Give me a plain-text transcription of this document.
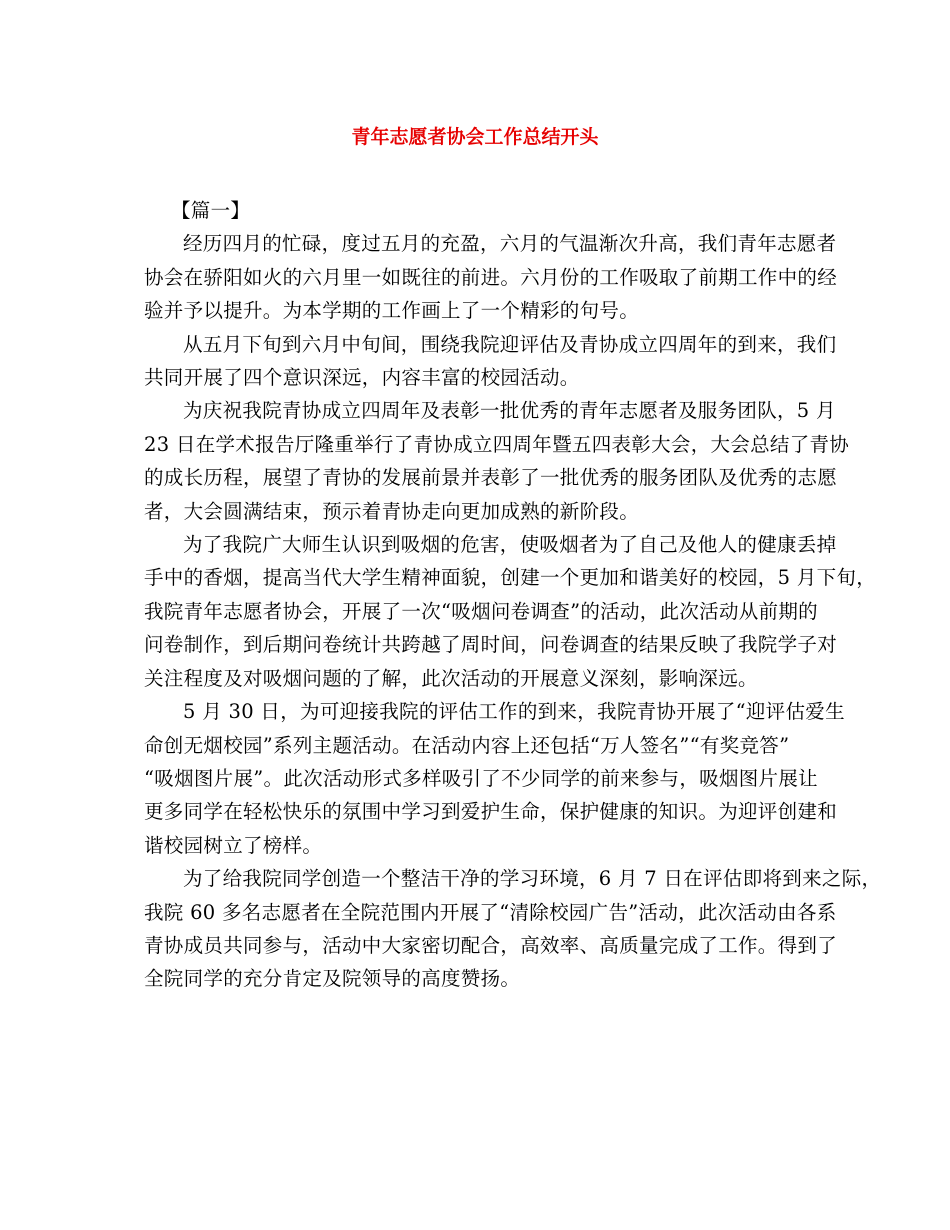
青年志愿者协会工作总结开头

【篇一】

经历四月的忙碌，度过五月的充盈，六月的气温渐次升高，我们青年志愿者
协会在骄阳如火的六月里一如既往的前进。六月份的工作吸取了前期工作中的经
验并予以提升。为本学期的工作画上了一个精彩的句号。

从五月下旬到六月中旬间，围绕我院迎评估及青协成立四周年的到来，我们
共同开展了四个意识深远，内容丰富的校园活动。

为庆祝我院青协成立四周年及表彰一批优秀的青年志愿者及服务团队，5 月
23 日在学术报告厅隆重举行了青协成立四周年暨五四表彰大会，大会总结了青协
的成长历程，展望了青协的发展前景并表彰了一批优秀的服务团队及优秀的志愿
者，大会圆满结束，预示着青协走向更加成熟的新阶段。

为了我院广大师生认识到吸烟的危害，使吸烟者为了自己及他人的健康丢掉
手中的香烟，提高当代大学生精神面貌，创建一个更加和谐美好的校园，5 月下旬，
我院青年志愿者协会，开展了一次“吸烟问卷调查”的活动，此次活动从前期的
问卷制作，到后期问卷统计共跨越了周时间，问卷调查的结果反映了我院学子对
关注程度及对吸烟问题的了解，此次活动的开展意义深刻，影响深远。

5 月 30 日，为可迎接我院的评估工作的到来，我院青协开展了“迎评估爱生
命创无烟校园”系列主题活动。在活动内容上还包括“万人签名”“有奖竞答”
“吸烟图片展”。此次活动形式多样吸引了不少同学的前来参与，吸烟图片展让
更多同学在轻松快乐的氛围中学习到爱护生命，保护健康的知识。为迎评创建和
谐校园树立了榜样。

为了给我院同学创造一个整洁干净的学习环境，6 月 7 日在评估即将到来之际，
我院 60 多名志愿者在全院范围内开展了“清除校园广告”活动，此次活动由各系
青协成员共同参与，活动中大家密切配合，高效率、高质量完成了工作。得到了
全院同学的充分肯定及院领导的高度赞扬。
